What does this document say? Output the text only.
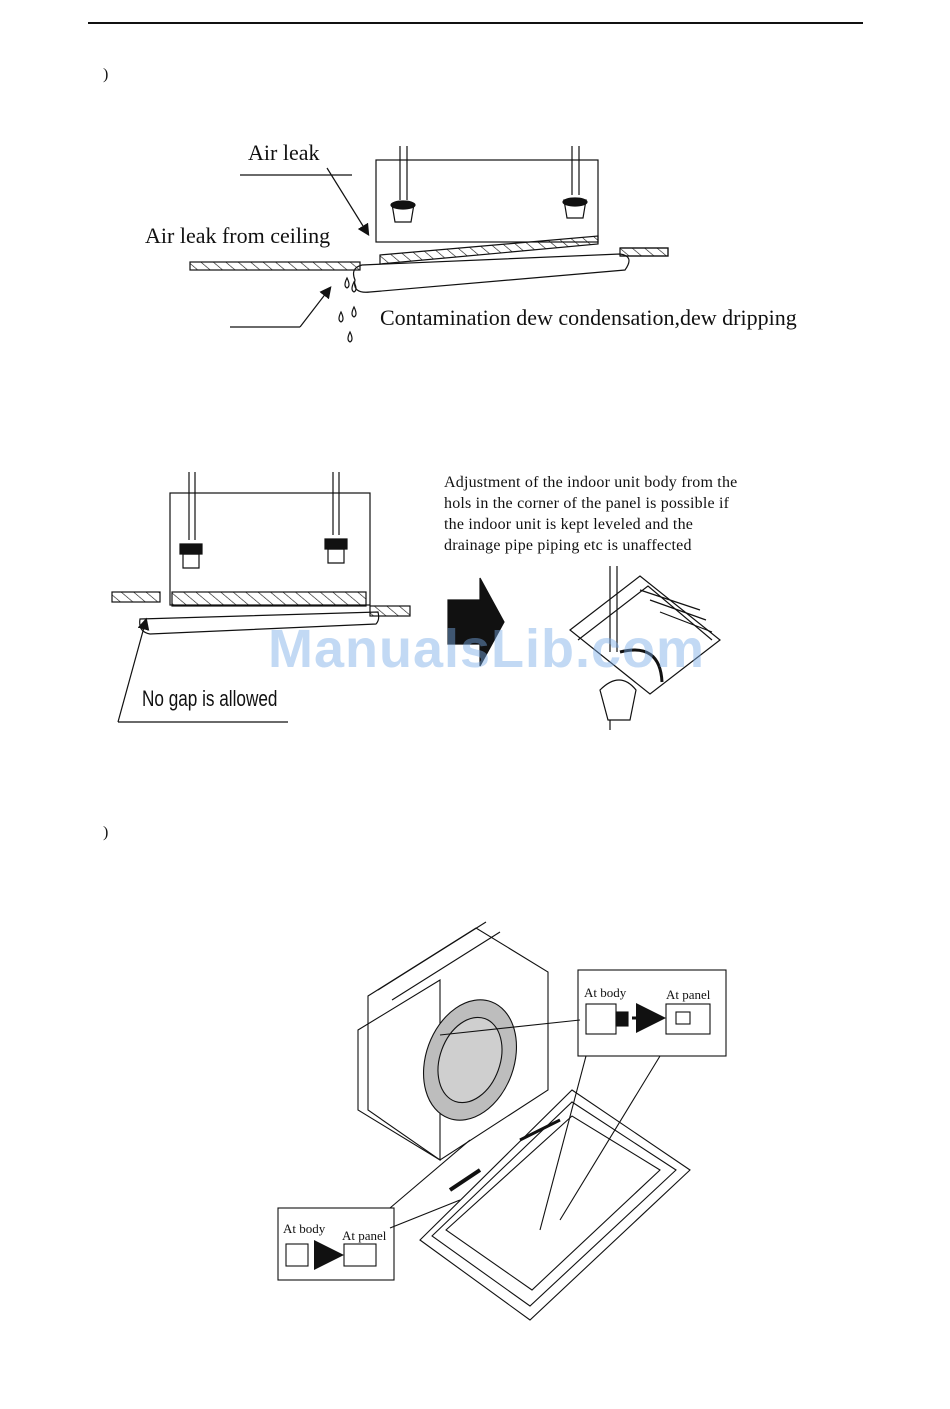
)
)
Air leak
Air leak from ceiling
Contamination dew condensation,dew dripping
No gap is allowed
Adjustment of the indoor unit body from the
hols in the corner of the panel is possible if
the indoor unit is kept leveled and the
drainage pipe piping etc is unaffected
At body	At panel
At body At panel
ManualsLib.com
